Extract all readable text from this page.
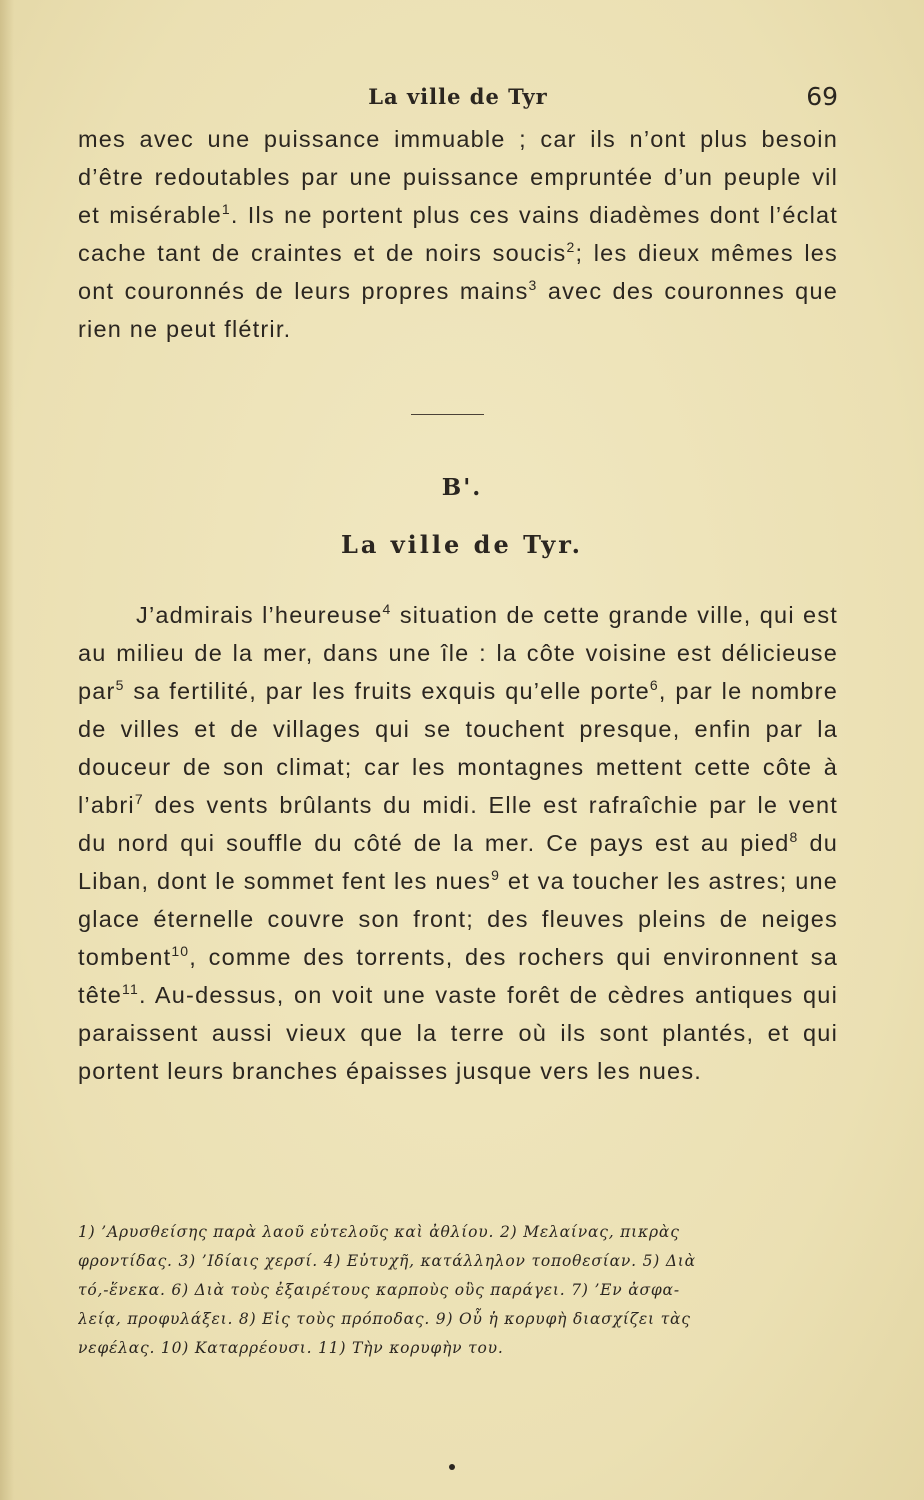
La ville de Tyr	69
mes avec une puissance immuable ; car ils n’ont plus besoin d’être redoutables par une puissance empruntée d’un peuple vil et misérable$^1$. Ils ne portent plus ces vains diadèmes dont l’éclat cache tant de craintes et de noirs soucis$^2$; les dieux mêmes les ont couronnés de leurs propres mains$^3$ avec des couronnes que rien ne peut flétrir.
B'.
La ville de Tyr.
J’admirais l’heureuse$^4$ situation de cette grande ville, qui est au milieu de la mer, dans une île : la côte voisine est délicieuse par$^5$ sa fertilité, par les fruits exquis qu’elle porte$^6$, par le nombre de villes et de villages qui se touchent presque, enfin par la douceur de son climat; car les montagnes mettent cette côte à l’abri$^7$ des vents brûlants du midi. Elle est rafraîchie par le vent du nord qui souffle du côté de la mer. Ce pays est au pied$^8$ du Liban, dont le sommet fent les nues$^9$ et va toucher les astres; une glace éternelle couvre son front; des fleuves pleins de neiges tombent$^{10}$, comme des torrents, des rochers qui environnent sa tête$^{11}$. Au-dessus, on voit une vaste forêt de cèdres antiques qui paraissent aussi vieux que la terre où ils sont plantés, et qui portent leurs branches épaisses jusque vers les nues.
1) ’Αρυσθείσης παρὰ λαοῦ εὐτελοῦς καὶ ἀθλίου. 2) Μελαίνας, πικρὰς
φροντίδας. 3) ’Ιδίαις χερσί. 4) Εὐτυχῆ, κατάλληλον τοποθεσίαν. 5) Διὰ
τό,-ἕνεκα. 6) Διὰ τοὺς ἐξαιρέτους καρποὺς οὓς παράγει. 7) ’Εν ἀσφα-
λείᾳ, προφυλάξει. 8) Εἰς τοὺς πρόποδας. 9) Οὗ ἡ κορυφὴ διασχίζει τὰς
νεφέλας. 10) Καταρρέουσι. 11) Τὴν κορυφὴν του.
